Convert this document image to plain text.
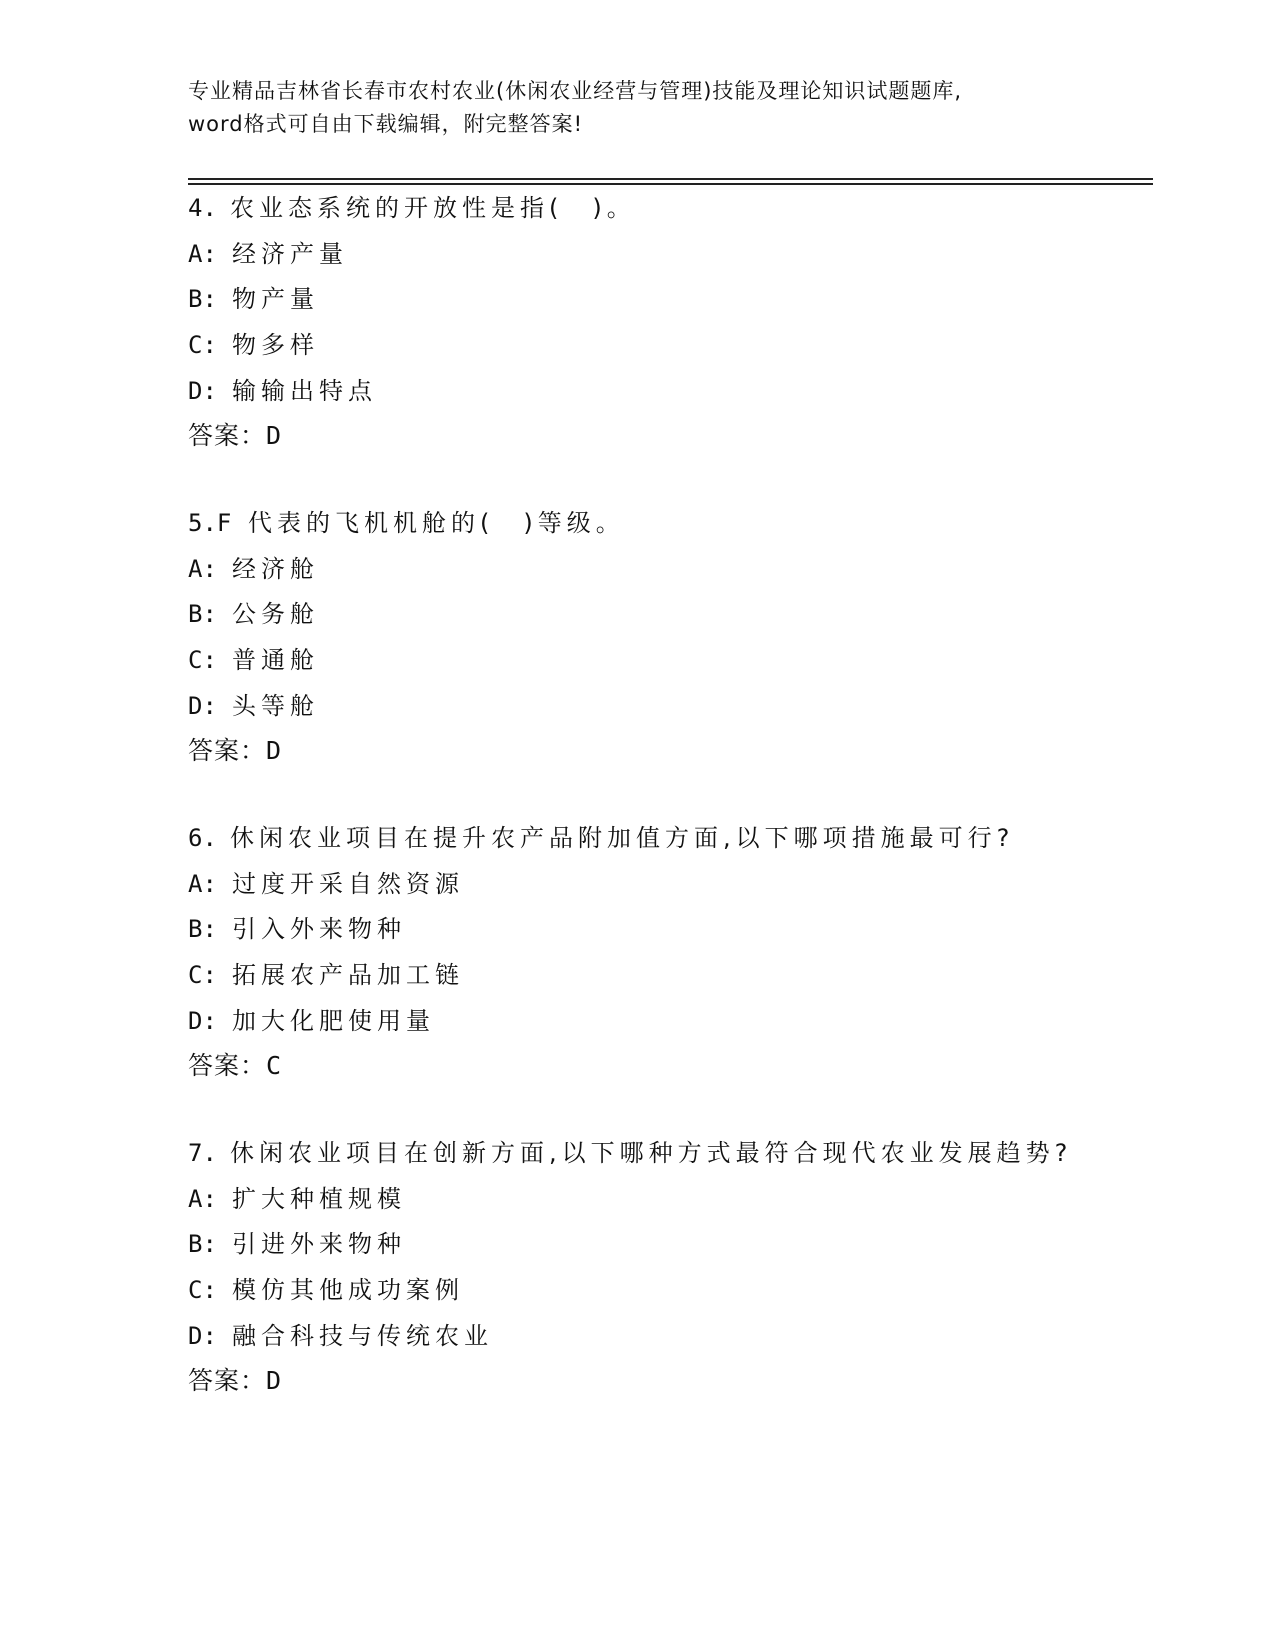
专业精品吉林省长春市农村农业(休闲农业经营与管理)技能及理论知识试题题库,
word格式可自由下载编辑，附完整答案!
4. 农业态系统的开放性是指(　)。
A: 经济产量
B: 物产量
C: 物多样
D: 输输出特点
答案： D
5.F 代表的飞机机舱的(　)等级。
A: 经济舱
B: 公务舱
C: 普通舱
D: 头等舱
答案： D
6. 休闲农业项目在提升农产品附加值方面,以下哪项措施最可行?
A: 过度开采自然资源
B: 引入外来物种
C: 拓展农产品加工链
D: 加大化肥使用量
答案： C
7. 休闲农业项目在创新方面,以下哪种方式最符合现代农业发展趋势?
A: 扩大种植规模
B: 引进外来物种
C: 模仿其他成功案例
D: 融合科技与传统农业
答案： D
